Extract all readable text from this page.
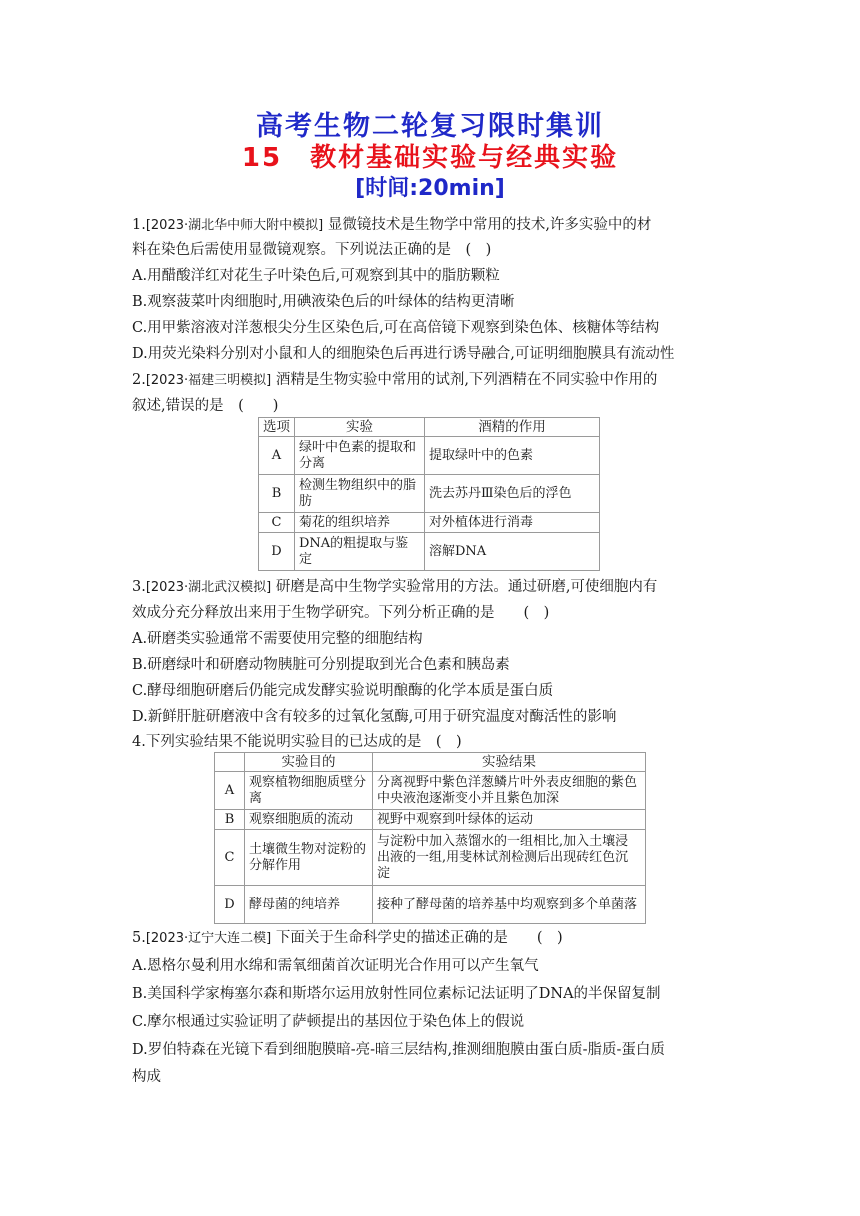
高考生物二轮复习限时集训
15　教材基础实验与经典实验
[时间:20min]
1.[2023·湖北华中师大附中模拟] 显微镜技术是生物学中常用的技术,许多实验中的材
料在染色后需使用显微镜观察。下列说法正确的是　(　)
A.用醋酸洋红对花生子叶染色后,可观察到其中的脂肪颗粒
B.观察菠菜叶肉细胞时,用碘液染色后的叶绿体的结构更清晰
C.用甲紫溶液对洋葱根尖分生区染色后,可在高倍镜下观察到染色体、核糖体等结构
D.用荧光染料分别对小鼠和人的细胞染色后再进行诱导融合,可证明细胞膜具有流动性
2.[2023·福建三明模拟] 酒精是生物实验中常用的试剂,下列酒精在不同实验中作用的
叙述,错误的是　(　　)
选项	实验	酒精的作用
A	绿叶中色素的提取和分离	提取绿叶中的色素
B	检测生物组织中的脂肪	洗去苏丹Ⅲ染色后的浮色
C	菊花的组织培养	对外植体进行消毒
D	DNA的粗提取与鉴定	溶解DNA
3.[2023·湖北武汉模拟] 研磨是高中生物学实验常用的方法。通过研磨,可使细胞内有
效成分充分释放出来用于生物学研究。下列分析正确的是　　(　)
A.研磨类实验通常不需要使用完整的细胞结构
B.研磨绿叶和研磨动物胰脏可分别提取到光合色素和胰岛素
C.酵母细胞研磨后仍能完成发酵实验说明酿酶的化学本质是蛋白质
D.新鲜肝脏研磨液中含有较多的过氧化氢酶,可用于研究温度对酶活性的影响
4.下列实验结果不能说明实验目的已达成的是　(　)
	实验目的	实验结果
A	观察植物细胞质壁分离	分离视野中紫色洋葱鳞片叶外表皮细胞的紫色中央液泡逐渐变小并且紫色加深
B	观察细胞质的流动	视野中观察到叶绿体的运动
C	土壤微生物对淀粉的分解作用	与淀粉中加入蒸馏水的一组相比,加入土壤浸出液的一组,用斐林试剂检测后出现砖红色沉淀
D	酵母菌的纯培养	接种了酵母菌的培养基中均观察到多个单菌落
5.[2023·辽宁大连二模] 下面关于生命科学史的描述正确的是　　(　)
A.恩格尔曼利用水绵和需氧细菌首次证明光合作用可以产生氧气
B.美国科学家梅塞尔森和斯塔尔运用放射性同位素标记法证明了DNA的半保留复制
C.摩尔根通过实验证明了萨顿提出的基因位于染色体上的假说
D.罗伯特森在光镜下看到细胞膜暗-亮-暗三层结构,推测细胞膜由蛋白质-脂质-蛋白质
构成
